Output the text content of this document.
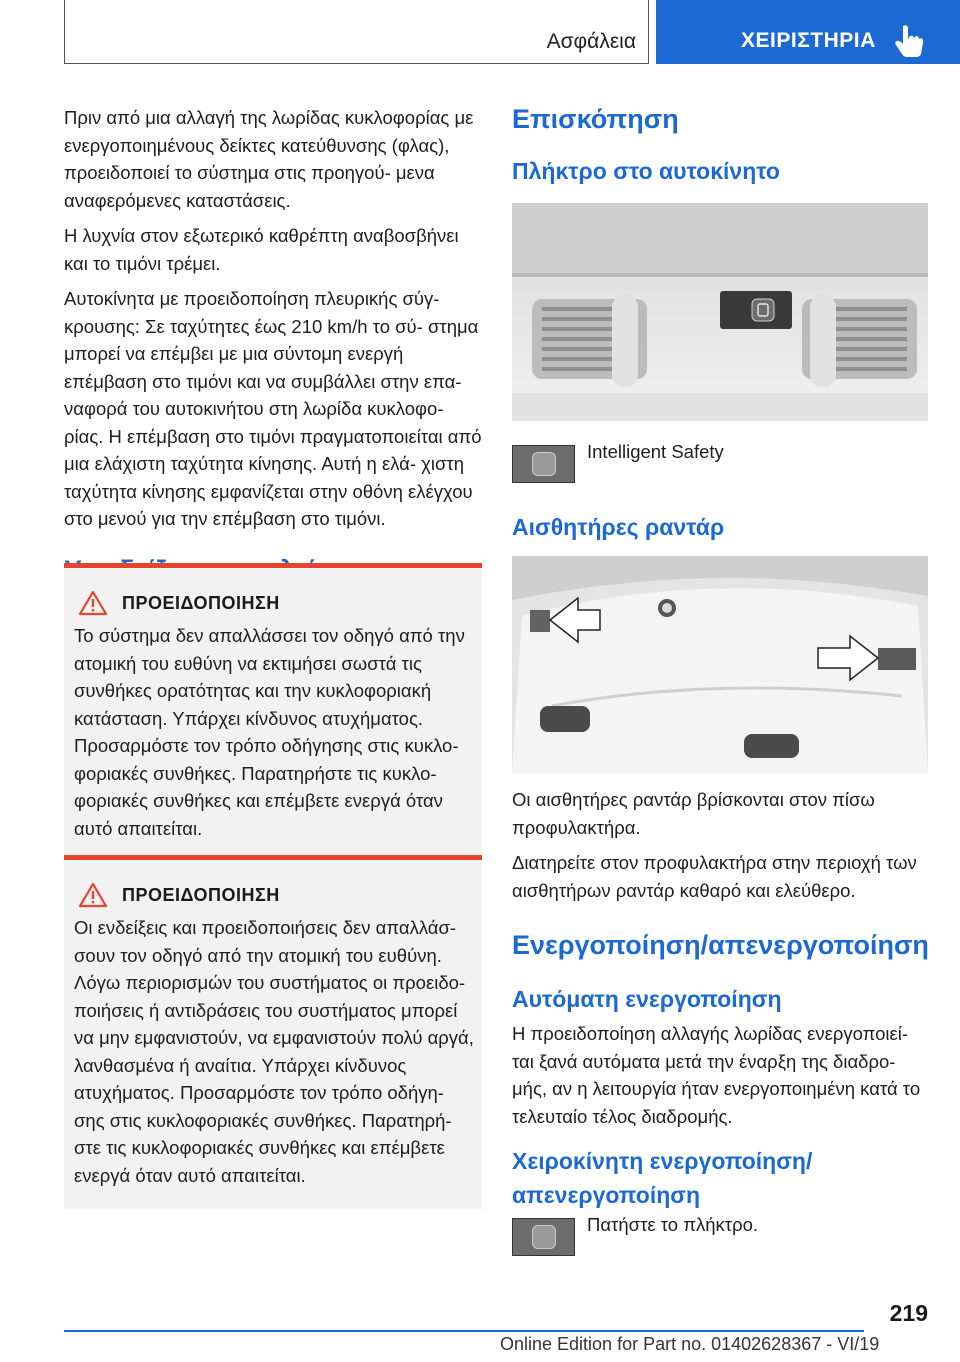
Ασφάλεια	ΧΕΙΡΙΣΤΗΡΙΑ

Πριν από μια αλλαγή της λωρίδας κυκλοφορίας με ενεργοποιημένους δείκτες κατεύθυνσης (φλας), προειδοποιεί το σύστημα στις προηγού- μενα αναφερόμενες καταστάσεις.

Η λυχνία στον εξωτερικό καθρέπτη αναβοσβήνει και το τιμόνι τρέμει.

Αυτοκίνητα με προειδοποίηση πλευρικής σύγ- κρουσης: Σε ταχύτητες έως 210 km/h το σύ- στημα μπορεί να επέμβει με μια σύντομη ενεργή επέμβαση στο τιμόνι και να συμβάλλει στην επα- ναφορά του αυτοκινήτου στη λωρίδα κυκλοφο- ρίας. Η επέμβαση στο τιμόνι πραγματοποιείται από μια ελάχιστη ταχύτητα κίνησης. Αυτή η ελά- χιστη ταχύτητα κίνησης εμφανίζεται στην οθόνη ελέγχου στο μενού για την επέμβαση στο τιμόνι.

ΠΡΟΕΙΔΟΠΟΙΗΣΗ

Το σύστημα δεν απαλλάσσει τον οδηγό από την ατομική του ευθύνη να εκτιμήσει σωστά τις συνθήκες ορατότητας και την κυκλοφοριακή κατάσταση. Υπάρχει κίνδυνος ατυχήματος. Προσαρμόστε τον τρόπο οδήγησης στις κυκλο- φοριακές συνθήκες. Παρατηρήστε τις κυκλο- φοριακές συνθήκες και επέμβετε ενεργά όταν αυτό απαιτείται.

ΠΡΟΕΙΔΟΠΟΙΗΣΗ

Οι ενδείξεις και προειδοποιήσεις δεν απαλλάσ- σουν τον οδηγό από την ατομική του ευθύνη. Λόγω περιορισμών του συστήματος οι προειδο- ποιήσεις ή αντιδράσεις του συστήματος μπορεί να μην εμφανιστούν, να εμφανιστούν πολύ αργά, λανθασμένα ή αναίτια. Υπάρχει κίνδυνος ατυχήματος. Προσαρμόστε τον τρόπο οδήγη- σης στις κυκλοφοριακές συνθήκες. Παρατηρή- στε τις κυκλοφοριακές συνθήκες και επέμβετε ενεργά όταν αυτό απαιτείται.

Επισκόπηση
Πλήκτρο στο αυτοκίνητο
Intelligent Safety
Αισθητήρες ραντάρ

Οι αισθητήρες ραντάρ βρίσκονται στον πίσω προφυλακτήρα.

Διατηρείτε στον προφυλακτήρα στην περιοχή των αισθητήρων ραντάρ καθαρό και ελεύθερο.

Ενεργοποίηση/απενεργοποίηση
Αυτόματη ενεργοποίηση

Η προειδοποίηση αλλαγής λωρίδας ενεργοποιεί- ται ξανά αυτόματα μετά την έναρξη της διαδρο- μής, αν η λειτουργία ήταν ενεργοποιημένη κατά το τελευταίο τέλος διαδρομής.

Χειροκίνητη ενεργοποίηση/ απενεργοποίηση
Πατήστε το πλήκτρο.
219
Online Edition for Part no. 01402628367 - VI/19
